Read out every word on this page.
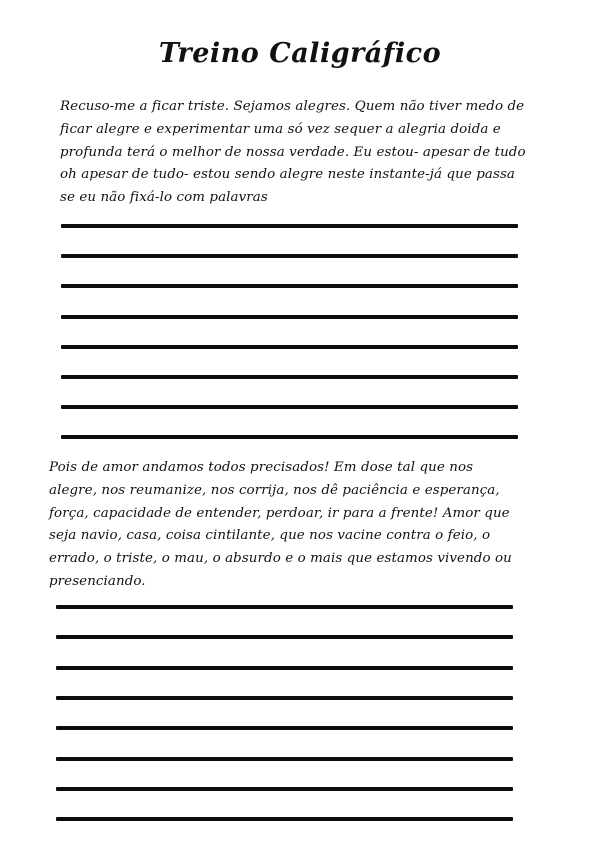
Treino Caligráfico
Recuso-me a ficar triste. Sejamos alegres. Quem não tiver medo de
ficar alegre e experimentar uma só vez sequer a alegria doida e
profunda terá o melhor de nossa verdade. Eu estou- apesar de tudo
oh apesar de tudo- estou sendo alegre neste instante-já que passa
se eu não fixá-lo com palavras
Pois de amor andamos todos precisados! Em dose tal que nos
alegre, nos reumanize, nos corrija, nos dê paciência e esperança,
força, capacidade de entender, perdoar, ir para a frente! Amor que
seja navio, casa, coisa cintilante, que nos vacine contra o feio, o
errado, o triste, o mau, o absurdo e o mais que estamos vivendo ou
presenciando.
